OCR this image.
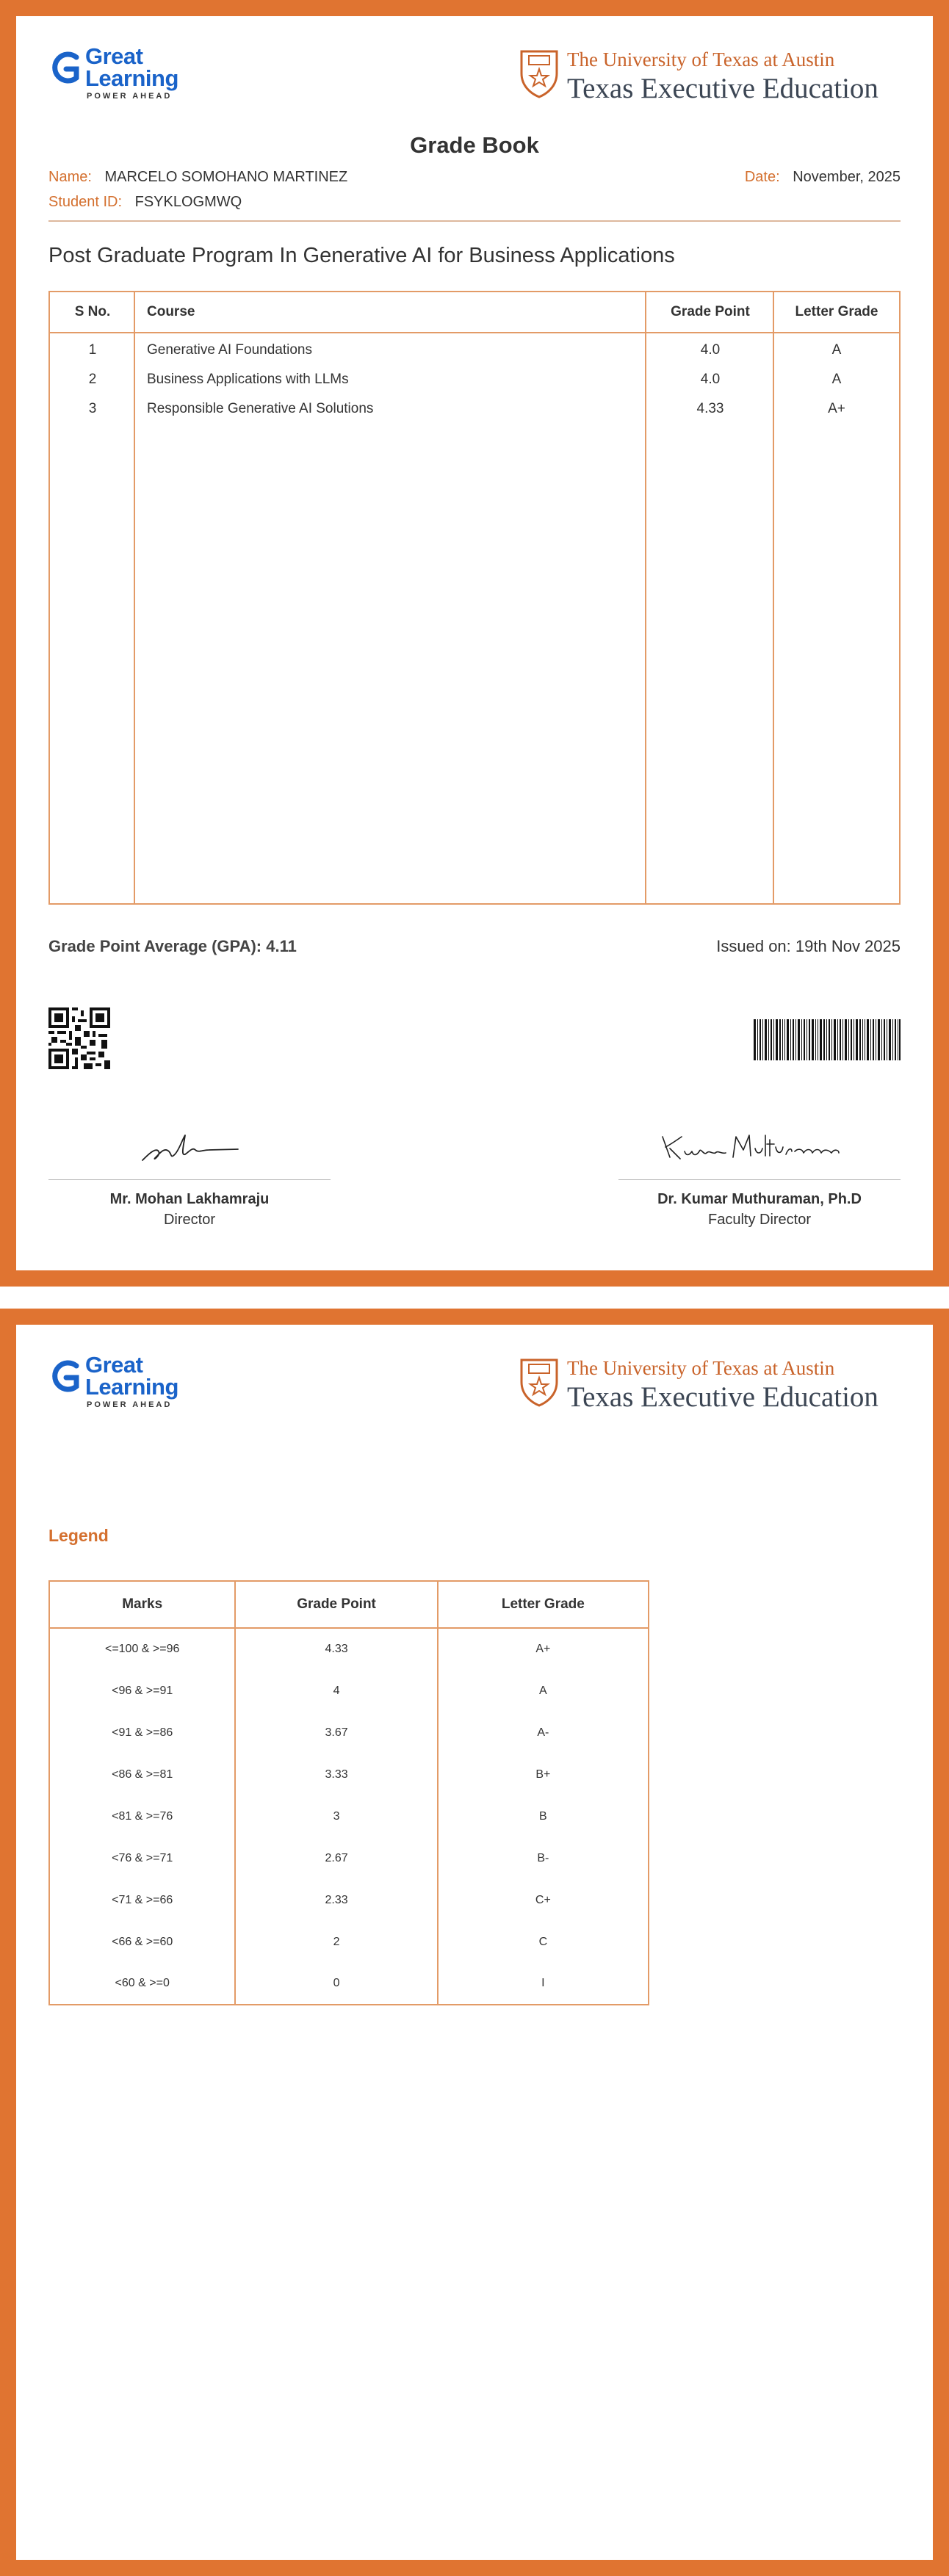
Great
Learning
POWER AHEAD
The University of Texas at Austin
Texas Executive Education
Grade Book
Name: MARCELO SOMOHANO MARTINEZ
Student ID: FSYKLOGMWQ
Date: November, 2025
Post Graduate Program In Generative AI for Business Applications
S No.	Course	Grade Point	Letter Grade
1	Generative AI Foundations	4.0	A
2	Business Applications with LLMs	4.0	A
3	Responsible Generative AI Solutions	4.33	A+
Grade Point Average (GPA): 4.11	Issued on: 19th Nov 2025
Mr. Mohan Lakhamraju
Director
Dr. Kumar Muthuraman, Ph.D
Faculty Director
Great
Learning
POWER AHEAD
The University of Texas at Austin
Texas Executive Education
Legend
Marks	Grade Point	Letter Grade
<=100 & >=96	4.33	A+
<96 & >=91	4	A
<91 & >=86	3.67	A-
<86 & >=81	3.33	B+
<81 & >=76	3	B
<76 & >=71	2.67	B-
<71 & >=66	2.33	C+
<66 & >=60	2	C
<60 & >=0	0	I
